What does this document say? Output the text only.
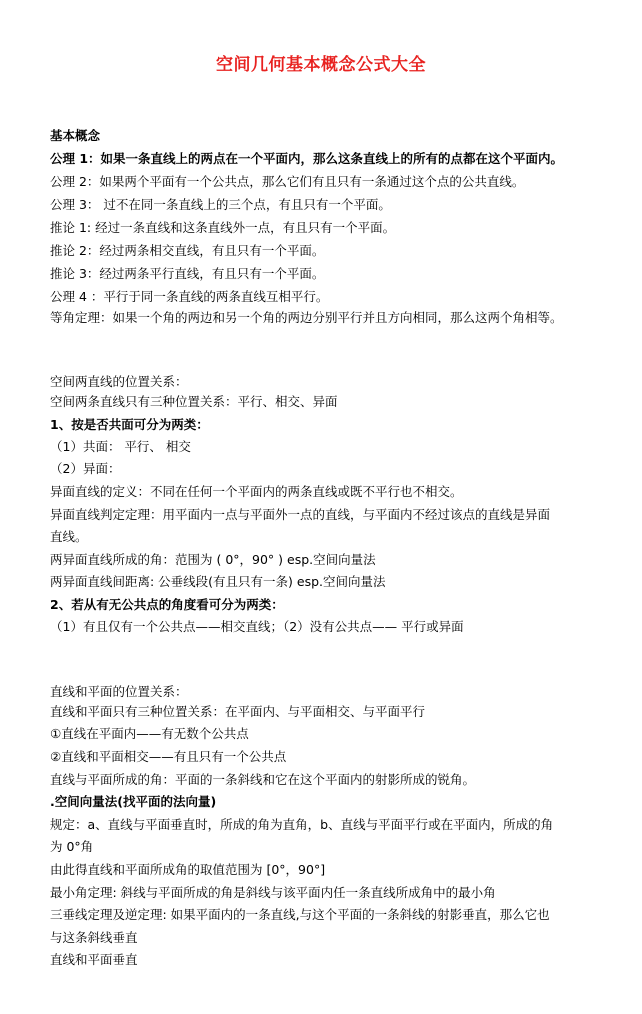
空间几何基本概念公式大全
基本概念
公理 1：如果一条直线上的两点在一个平面内，那么这条直线上的所有的点都在这个平面内。
公理 2：如果两个平面有一个公共点，那么它们有且只有一条通过这个点的公共直线。
公理 3： 过不在同一条直线上的三个点，有且只有一个平面。
推论 1: 经过一条直线和这条直线外一点，有且只有一个平面。
推论 2：经过两条相交直线，有且只有一个平面。
推论 3：经过两条平行直线，有且只有一个平面。
公理 4 ：平行于同一条直线的两条直线互相平行。
等角定理：如果一个角的两边和另一个角的两边分别平行并且方向相同，那么这两个角相等。
空间两直线的位置关系：
空间两条直线只有三种位置关系：平行、相交、异面
1、按是否共面可分为两类：
（1）共面： 平行、 相交
（2）异面：
异面直线的定义：不同在任何一个平面内的两条直线或既不平行也不相交。
异面直线判定定理：用平面内一点与平面外一点的直线，与平面内不经过该点的直线是异面
直线。
两异面直线所成的角：范围为 ( 0°，90° ) esp.空间向量法
两异面直线间距离: 公垂线段(有且只有一条) esp.空间向量法
2、若从有无公共点的角度看可分为两类：
（1）有且仅有一个公共点——相交直线；（2）没有公共点—— 平行或异面
直线和平面的位置关系：
直线和平面只有三种位置关系：在平面内、与平面相交、与平面平行
①直线在平面内——有无数个公共点
②直线和平面相交——有且只有一个公共点
直线与平面所成的角：平面的一条斜线和它在这个平面内的射影所成的锐角。
.空间向量法(找平面的法向量)
规定：a、直线与平面垂直时，所成的角为直角，b、直线与平面平行或在平面内，所成的角
为 0°角
由此得直线和平面所成角的取值范围为 [0°，90°]
最小角定理: 斜线与平面所成的角是斜线与该平面内任一条直线所成角中的最小角
三垂线定理及逆定理: 如果平面内的一条直线,与这个平面的一条斜线的射影垂直，那么它也
与这条斜线垂直
直线和平面垂直
